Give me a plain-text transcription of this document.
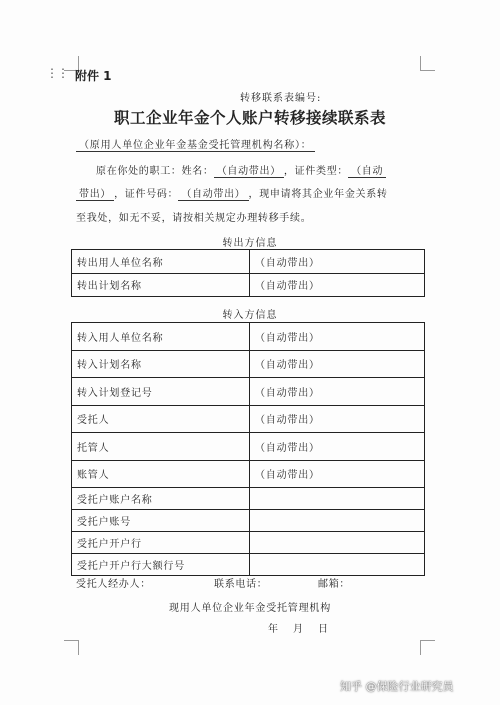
⋮⋮ 附件 1
转移联系表编号:
职工企业年金个人账户转移接续联系表
（原用人单位企业年金基金受托管理机构名称）：
原在你处的职工：姓名： （自动带出） ，证件类型： （自动
带出） ，证件号码： （自动带出） ，现申请将其企业年金关系转
至我处，如无不妥，请按相关规定办理转移手续。
转出方信息
转出用人单位名称	（自动带出）
转出计划名称	（自动带出）
转入方信息
转入用人单位名称	（自动带出）
转入计划名称	（自动带出）
转入计划登记号	（自动带出）
受托人	（自动带出）
托管人	（自动带出）
账管人	（自动带出）
受托户账户名称	
受托户账号	
受托户开户行	
受托户开户行大额行号	
受托人经办人：	联系电话：	邮箱：
现用人单位企业年金受托管理机构
年 月 日
知乎 @保险行业研究员
